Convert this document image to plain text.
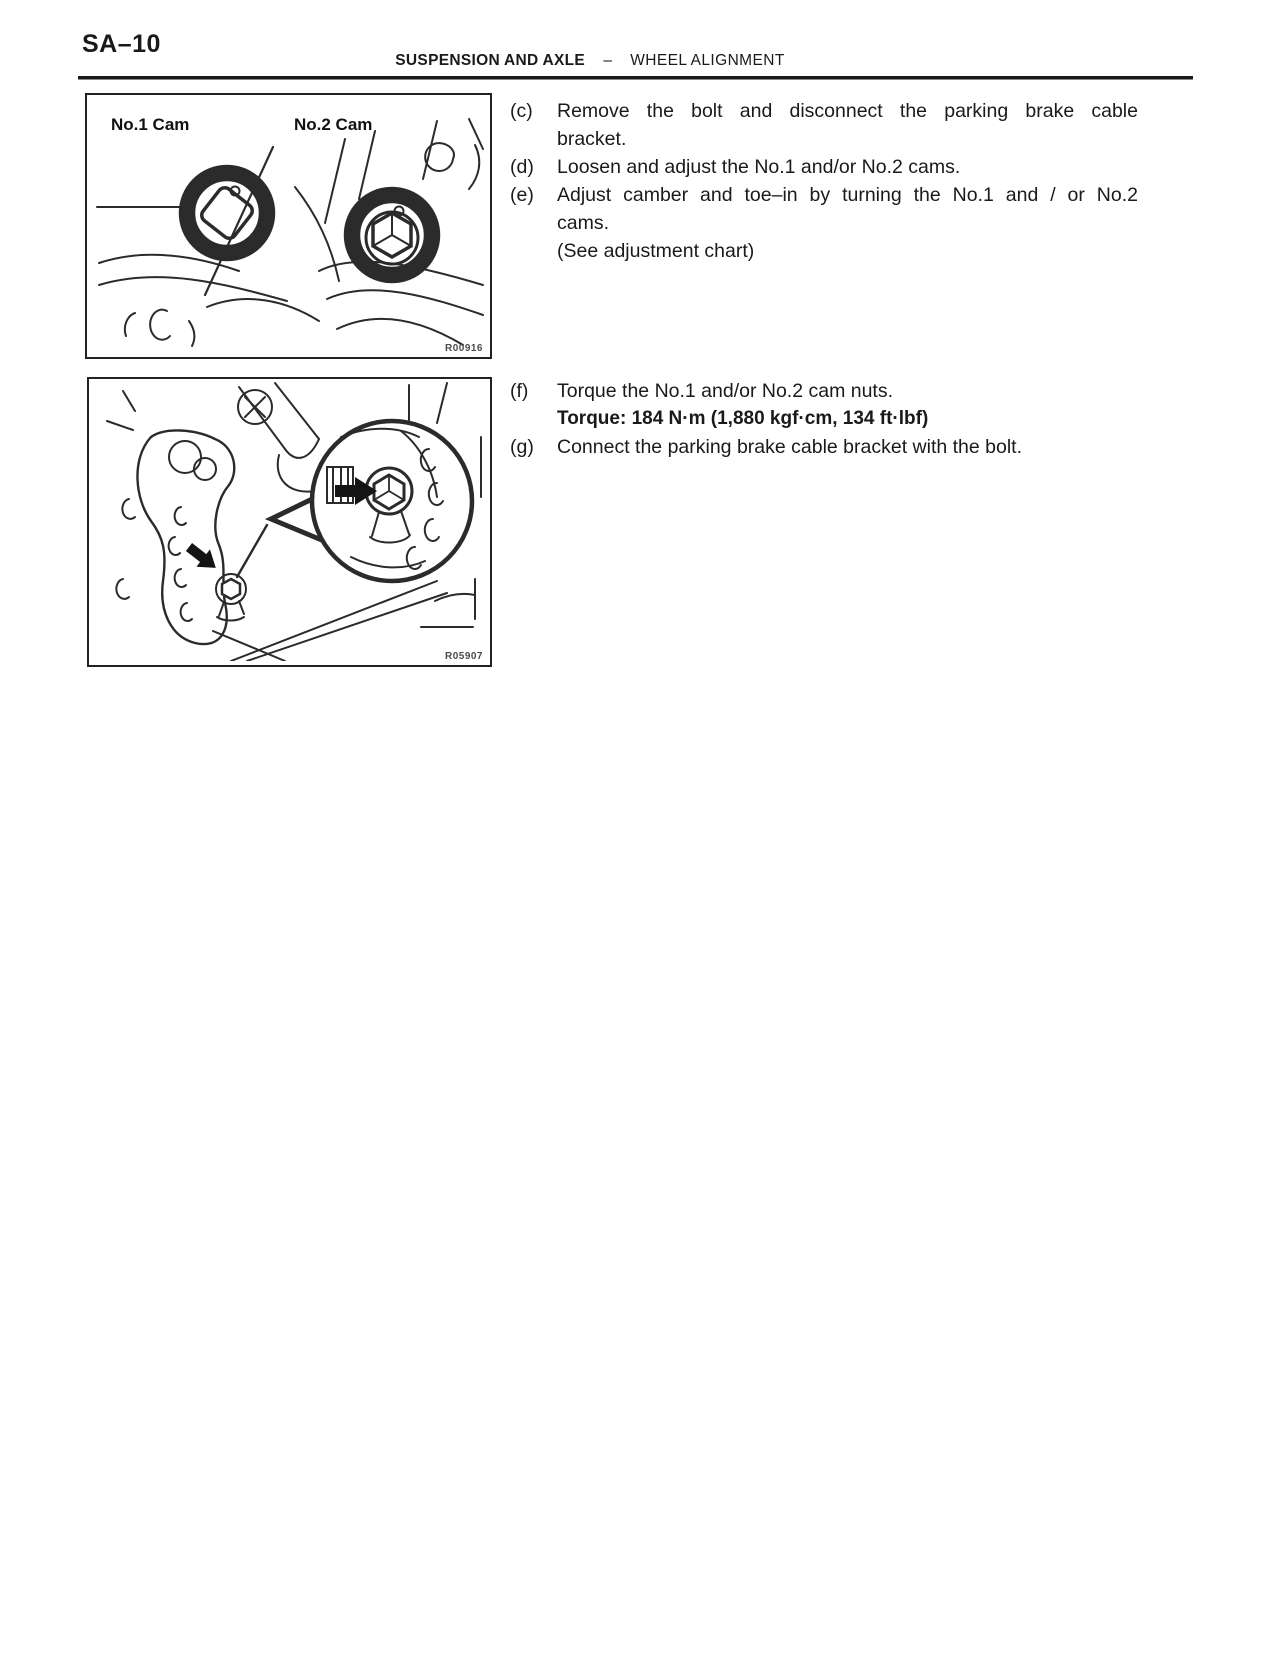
SA–10
SUSPENSION AND AXLE – WHEEL ALIGNMENT
No.1 Cam	No.2 Cam
R00916
R05907
(c)	Remove the bolt and disconnect the parking brake cable
bracket.
(d)	Loosen and adjust the No.1 and/or No.2 cams.
(e)	Adjust camber and toe–in by turning the No.1 and / or No.2
cams.
(See adjustment chart)
(f)	Torque the No.1 and/or No.2 cam nuts.
Torque: 184 N·m (1,880 kgf·cm, 134 ft·lbf)
(g)	Connect the parking brake cable bracket with the bolt.
